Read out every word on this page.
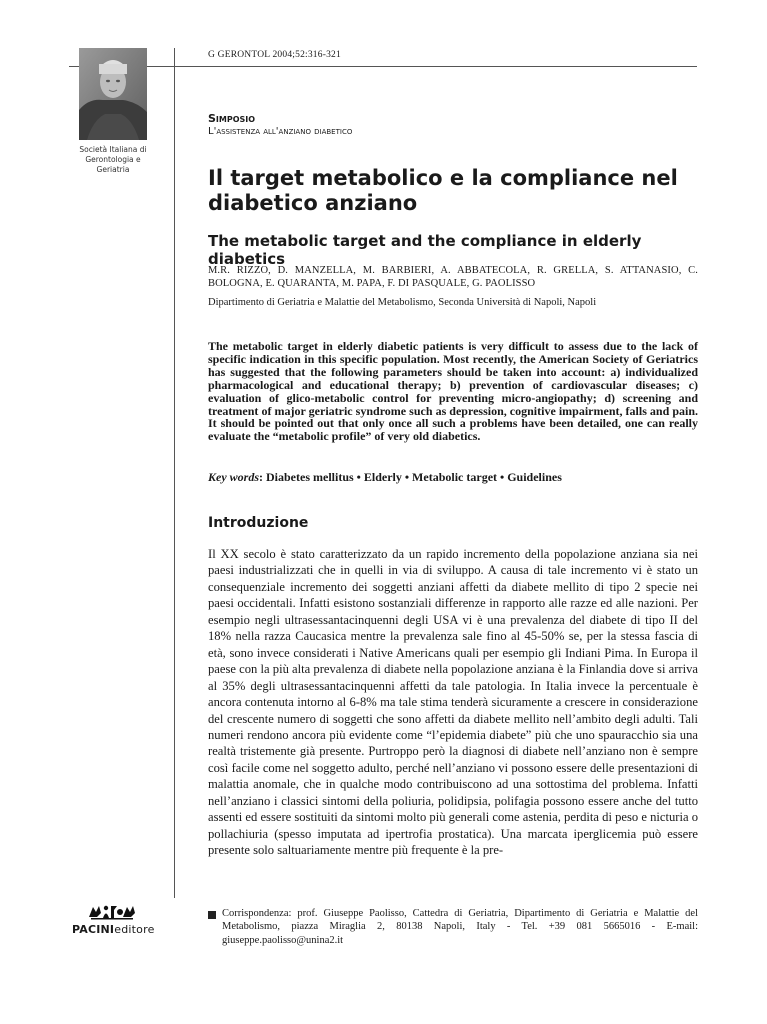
G GERONTOL 2004;52:316-321
Società Italiana di Gerontologia e Geriatria
Simposio
L'assistenza all'anziano diabetico
Il target metabolico e la compliance nel diabetico anziano
The metabolic target and the compliance in elderly diabetics
M.R. RIZZO, D. MANZELLA, M. BARBIERI, A. ABBATECOLA, R. GRELLA, S. ATTANASIO, C. BOLOGNA, E. QUARANTA, M. PAPA, F. DI PASQUALE, G. PAOLISSO
Dipartimento di Geriatria e Malattie del Metabolismo, Seconda Università di Napoli, Napoli
The metabolic target in elderly diabetic patients is very difficult to assess due to the lack of specific indication in this specific population. Most recently, the American Society of Geriatrics has suggested that the following parameters should be taken into account: a) individualized pharmacological and educational therapy; b) prevention of cardiovascular diseases; c) evaluation of glico-metabolic control for preventing micro-angiopathy; d) screening and treatment of major geriatric syndrome such as depression, cognitive impairment, falls and pain. It should be pointed out that only once all such a problems have been detailed, one can really evaluate the “metabolic profile” of very old diabetics.
Key words: Diabetes mellitus • Elderly • Metabolic target • Guidelines
Introduzione

Il XX secolo è stato caratterizzato da un rapido incremento della popolazione anziana sia nei paesi industrializzati che in quelli in via di sviluppo. A causa di tale incremento vi è stato un consequenziale incremento dei soggetti anziani affetti da diabete mellito di tipo 2 specie nei paesi occidentali. Infatti esistono sostanziali differenze in rapporto alle razze ed alle nazioni. Per esempio negli ultrasessantacinquenni degli USA vi è una prevalenza del diabete di tipo II del 18% nella razza Caucasica mentre la prevalenza sale fino al 45-50% se, per la stessa fascia di età, sono invece considerati i Native Americans quali per esempio gli Indiani Pima. In Europa il paese con la più alta prevalenza di diabete nella popolazione anziana è la Finlandia dove si arriva al 35% degli ultrasessantacinquenni affetti da tale patologia. In Italia invece la percentuale è ancora contenuta intorno al 6-8% ma tale stima tenderà sicuramente a crescere in considerazione del crescente numero di soggetti che sono affetti da diabete mellito nell’ambito degli adulti. Tali numeri rendono ancora più evidente come “l’epidemia diabete” più che uno spauracchio sia una realtà tristemente già presente. Purtroppo però la diagnosi di diabete nell’anziano non è sempre così facile come nel soggetto adulto, perché nell’anziano vi possono essere delle presentazioni di malattia anomale, che in qualche modo contribuiscono ad una sottostima del problema. Infatti nell’anziano i classici sintomi della poliuria, polidipsia, polifagia possono essere anche del tutto assenti ed essere sostituiti da sintomi molto più generali come astenia, perdita di peso e nicturia o pollachiuria (spesso imputata ad ipertrofia prostatica). Una marcata iperglicemia può essere presente solo saltuariamente mentre più frequente è la pre-

PACINIeditore
Corrispondenza: prof. Giuseppe Paolisso, Cattedra di Geriatria, Dipartimento di Geriatria e Malattie del Metabolismo, piazza Miraglia 2, 80138 Napoli, Italy - Tel. +39 081 5665016 - E-mail: giuseppe.paolisso@unina2.it
